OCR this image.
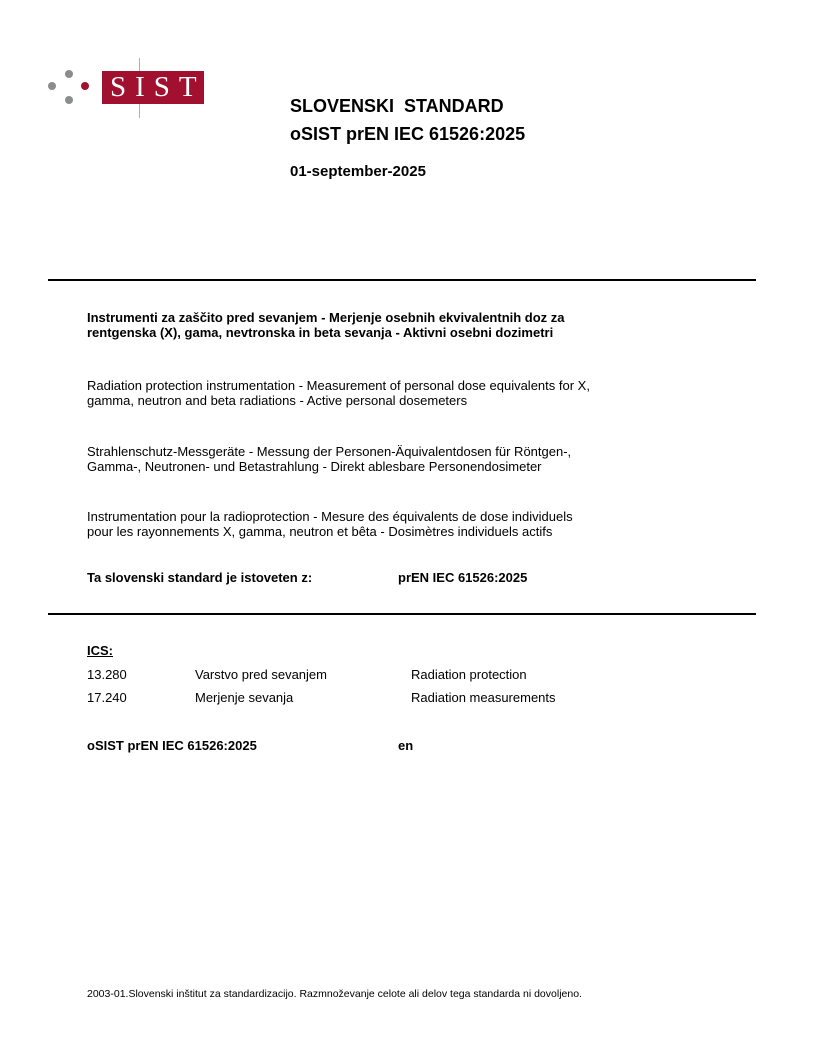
SIST
SLOVENSKI  STANDARD
oSIST prEN IEC 61526:2025
01-september-2025
Instrumenti za zaščito pred sevanjem - Merjenje osebnih ekvivalentnih doz za
rentgenska (X), gama, nevtronska in beta sevanja - Aktivni osebni dozimetri
Radiation protection instrumentation - Measurement of personal dose equivalents for X,
gamma, neutron and beta radiations - Active personal dosemeters
Strahlenschutz-Messgeräte - Messung der Personen-Äquivalentdosen für Röntgen-,
Gamma-, Neutronen- und Betastrahlung - Direkt ablesbare Personendosimeter
Instrumentation pour la radioprotection - Mesure des équivalents de dose individuels
pour les rayonnements X, gamma, neutron et bêta - Dosimètres individuels actifs
Ta slovenski standard je istoveten z:	prEN IEC 61526:2025
ICS:
13.280	Varstvo pred sevanjem	Radiation protection
17.240	Merjenje sevanja	Radiation measurements
oSIST prEN IEC 61526:2025	en
2003-01.Slovenski inštitut za standardizacijo. Razmnoževanje celote ali delov tega standarda ni dovoljeno.
